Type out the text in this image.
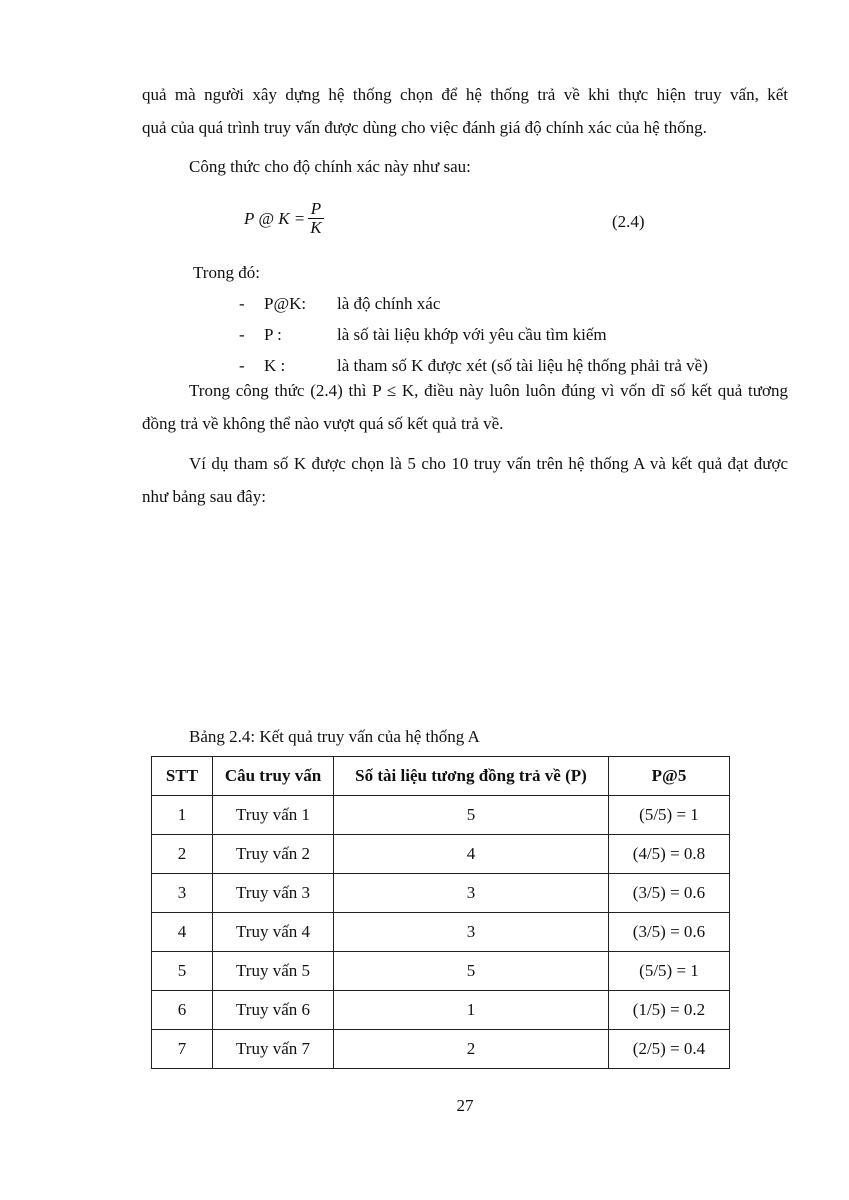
quả mà người xây dựng hệ thống chọn để hệ thống trả về khi thực hiện truy vấn, kết

quả của quá trình truy vấn được dùng cho việc đánh giá độ chính xác của hệ thống.

Công thức cho độ chính xác này như sau:

P @ $K = \frac{P}{K}$	(2.4)

Trong đó:

-	P@K:	là độ chính xác
-	P :	là số tài liệu khớp với yêu cầu tìm kiếm
-	K :	là tham số K được xét (số tài liệu hệ thống phải trả về)

Trong công thức (2.4) thì P ≤ K, điều này luôn luôn đúng vì vốn dĩ số kết quả tương đồng trả về không thể nào vượt quá số kết quả trả về.

Ví dụ tham số K được chọn là 5 cho 10 truy vấn trên hệ thống A và kết quả đạt được như bảng sau đây:

Bảng 2.4: Kết quả truy vấn của hệ thống A
STT	Câu truy vấn	Số tài liệu tương đồng trả về (P)	P@5
1	Truy vấn 1	5	(5/5) = 1
2	Truy vấn 2	4	(4/5) = 0.8
3	Truy vấn 3	3	(3/5) = 0.6
4	Truy vấn 4	3	(3/5) = 0.6
5	Truy vấn 5	5	(5/5) = 1
6	Truy vấn 6	1	(1/5) = 0.2
7	Truy vấn 7	2	(2/5) = 0.4
27
